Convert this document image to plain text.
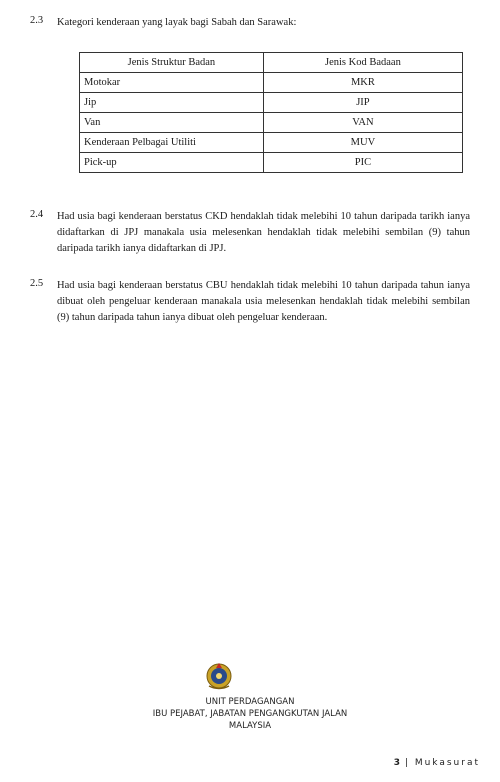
2.3 Kategori kenderaan yang layak bagi Sabah dan Sarawak:
Jenis Struktur Badan	Jenis Kod Badaan
Motokar	MKR
Jip	JIP
Van	VAN
Kenderaan Pelbagai Utiliti	MUV
Pick-up	PIC
2.4 Had usia bagi kenderaan berstatus CKD hendaklah tidak melebihi 10 tahun daripada tarikh ianya didaftarkan di JPJ manakala usia melesenkan hendaklah tidak melebihi sembilan (9) tahun daripada tarikh ianya didaftarkan di JPJ.
2.5 Had usia bagi kenderaan berstatus CBU hendaklah tidak melebihi 10 tahun daripada tahun ianya dibuat oleh pengeluar kenderaan manakala usia melesenkan hendaklah tidak melebihi sembilan (9) tahun daripada tahun ianya dibuat oleh pengeluar kenderaan.
UNIT PERDAGANGAN
IBU PEJABAT, JABATAN PENGANGKUTAN JALAN
MALAYSIA
3 | Mukasurat
